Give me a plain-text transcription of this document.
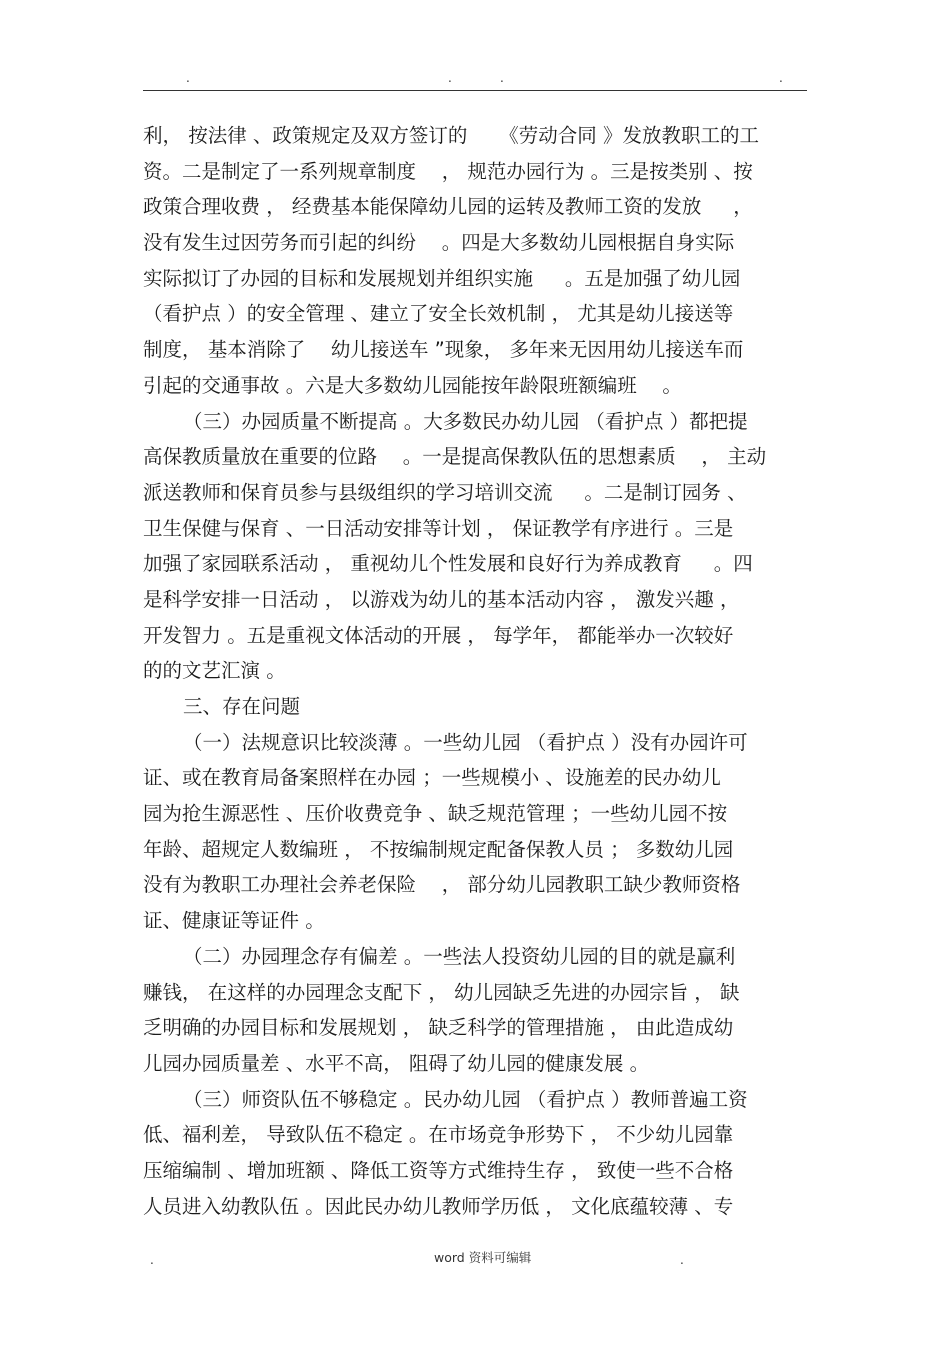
.	.	.	.
利， 按法律 、政策规定及双方签订的 　 《劳动合同 》发放教职工的工
资。二是制定了一系列规章制度 　， 规范办园行为 。三是按类别 、按
政策合理收费 ， 经费基本能保障幼儿园的运转及教师工资的发放 　 ，
没有发生过因劳务而引起的纠纷 　。四是大多数幼儿园根据自身实际
实际拟订了办园的目标和发展规划并组织实施 　 。五是加强了幼儿园
（看护点 ）的安全管理 、建立了安全长效机制 ， 尤其是幼儿接送等
制度， 基本消除了 　幼儿接送车 ”现象， 多年来无因用幼儿接送车而
引起的交通事故 。六是大多数幼儿园能按年龄限班额编班 　。
（三）办园质量不断提高 。大多数民办幼儿园 （看护点 ）都把提
高保教质量放在重要的位路 　。一是提高保教队伍的思想素质 　， 主动
派送教师和保育员参与县级组织的学习培训交流 　 。二是制订园务 、
卫生保健与保育 、一日活动安排等计划 ， 保证教学有序进行 。三是
加强了家园联系活动 ， 重视幼儿个性发展和良好行为养成教育 　 。四
是科学安排一日活动 ， 以游戏为幼儿的基本活动内容 ， 激发兴趣 ，
开发智力 。五是重视文体活动的开展 ， 每学年， 都能举办一次较好
的的文艺汇演 。
三、存在问题
（一）法规意识比较淡薄 。一些幼儿园 （看护点 ）没有办园许可
证、或在教育局备案照样在办园 ；一些规模小 、设施差的民办幼儿
园为抢生源恶性 、压价收费竞争 、缺乏规范管理 ；一些幼儿园不按
年龄、超规定人数编班 ， 不按编制规定配备保教人员 ； 多数幼儿园
没有为教职工办理社会养老保险 　， 部分幼儿园教职工缺少教师资格
证、健康证等证件 。
（二）办园理念存有偏差 。一些法人投资幼儿园的目的就是赢利
赚钱， 在这样的办园理念支配下 ， 幼儿园缺乏先进的办园宗旨 ， 缺
乏明确的办园目标和发展规划 ， 缺乏科学的管理措施 ， 由此造成幼
儿园办园质量差 、水平不高， 阻碍了幼儿园的健康发展 。
（三）师资队伍不够稳定 。民办幼儿园 （看护点 ）教师普遍工资
低、福利差， 导致队伍不稳定 。在市场竞争形势下 ， 不少幼儿园靠
压缩编制 、增加班额 、降低工资等方式维持生存 ， 致使一些不合格
人员进入幼教队伍 。因此民办幼儿教师学历低 ， 文化底蕴较薄 、专
.	word 资料可编辑	.
